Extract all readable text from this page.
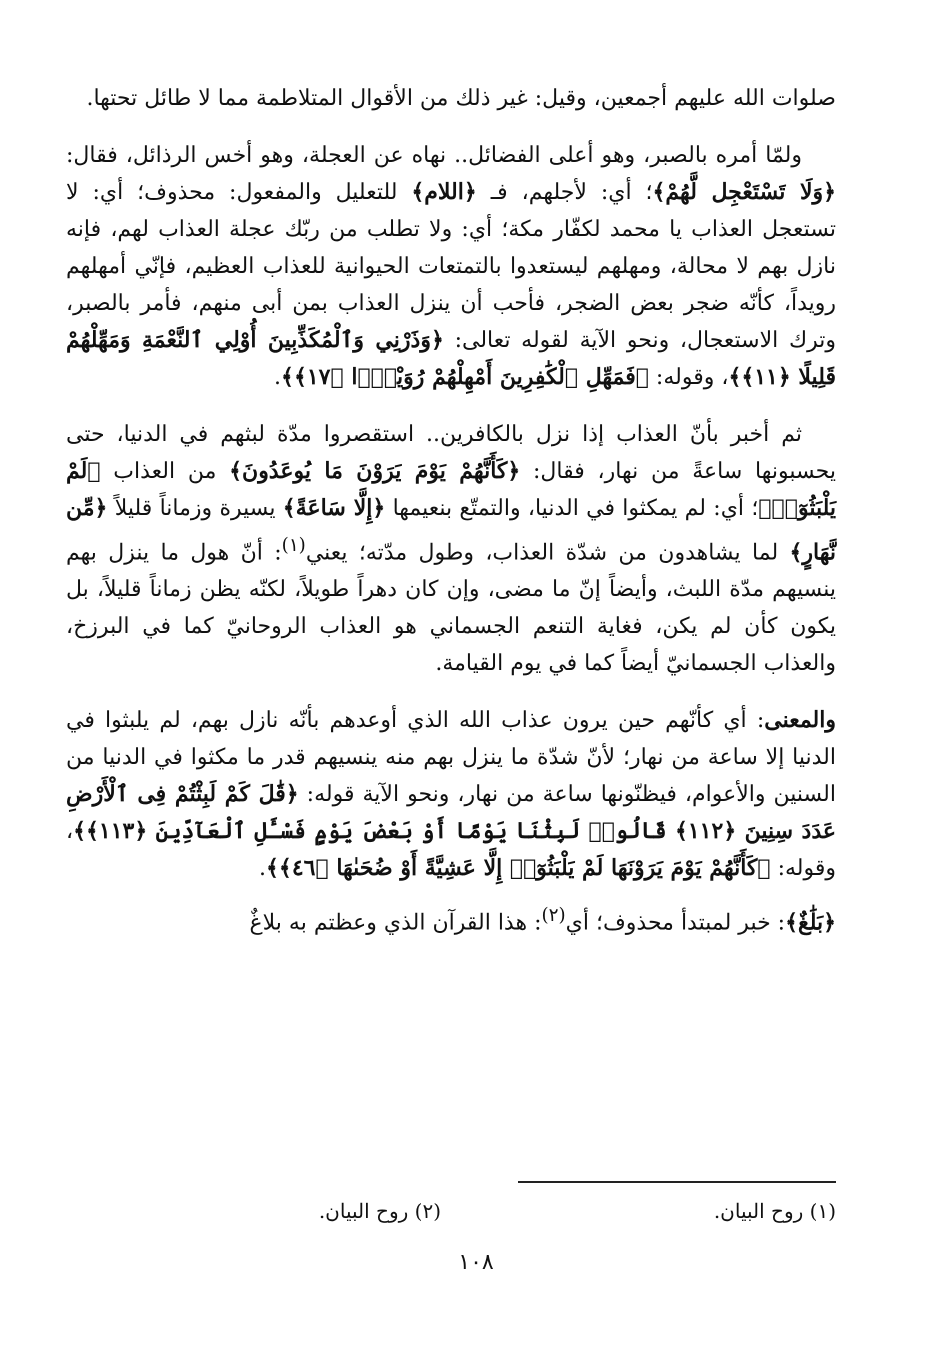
صلوات الله عليهم أجمعين، وقيل: غير ذلك من الأقوال المتلاطمة مما لا طائل تحتها.

ولمّا أمره بالصبر، وهو أعلى الفضائل.. نهاه عن العجلة، وهو أخس الرذائل، فقال: ﴿وَلَا تَسْتَعْجِل لَّهُمْ﴾؛ أي: لأجلهم، فـ ﴿اللام﴾ للتعليل والمفعول: محذوف؛ أي: لا تستعجل العذاب يا محمد لكفّار مكة؛ أي: ولا تطلب من ربّك عجلة العذاب لهم، فإنه نازل بهم لا محالة، ومهلهم ليستعدوا بالتمتعات الحيوانية للعذاب العظيم، فإنّي أمهلهم رويداً، كأنّه ضجر بعض الضجر، فأحب أن ينزل العذاب بمن أبى منهم، فأمر بالصبر، وترك الاستعجال، ونحو الآية لقوله تعالى: ﴿وَذَرْنِي وَٱلْمُكَذِّبِينَ أُوْلِي ٱلنَّعْمَةِ وَمَهِّلْهُمْ قَلِيلًا ﴿١١﴾﴾، وقوله: ﴿فَمَهِّلِ ٱلْكَٰفِرِينَ أَمْهِلْهُمْ رُوَيْدًۢا ﴿١٧﴾﴾.

ثم أخبر بأنّ العذاب إذا نزل بالكافرين.. استقصروا مدّة لبثهم في الدنيا، حتى يحسبونها ساعةً من نهار، فقال: ﴿كَأَنَّهُمْ يَوْمَ يَرَوْنَ مَا يُوعَدُونَ﴾ من العذاب ﴿لَمْ يَلْبَثُوٓا۟﴾؛ أي: لم يمكثوا في الدنيا، والتمتّع بنعيمها ﴿إِلَّا سَاعَةً﴾ يسيرة وزماناً قليلاً ﴿مِّن نَّهَارٍ﴾ لما يشاهدون من شدّة العذاب، وطول مدّته؛ يعني$^{(١)}$: أنّ هول ما ينزل بهم ينسيهم مدّة اللبث، وأيضاً إنّ ما مضى، وإن كان دهراً طويلاً، لكنّه يظن زماناً قليلاً، بل يكون كأن لم يكن، فغاية التنعم الجسماني هو العذاب الروحانيّ كما في البرزخ، والعذاب الجسمانيّ أيضاً كما في يوم القيامة.

والمعنى: أي كأنّهم حين يرون عذاب الله الذي أوعدهم بأنّه نازل بهم، لم يلبثوا في الدنيا إلا ساعة من نهار؛ لأنّ شدّة ما ينزل بهم منه ينسيهم قدر ما مكثوا في الدنيا من السنين والأعوام، فيظنّونها ساعة من نهار، ونحو الآية قوله: ﴿قَٰلَ كَمْ لَبِثْتُمْ فِى ٱلْأَرْضِ عَدَدَ سِنِينَ ﴿١١٢﴾ قَالُوا۟ لَبِثْنَا يَوْمًا أَوْ بَعْضَ يَوْمٍ فَسْـَٔلِ ٱلْعَآدِّينَ ﴿١١٣﴾﴾، وقوله: ﴿كَأَنَّهُمْ يَوْمَ يَرَوْنَهَا لَمْ يَلْبَثُوٓا۟ إِلَّا عَشِيَّةً أَوْ ضُحَىٰهَا ﴿٤٦﴾﴾.

﴿بَلَٰغٌ﴾: خبر لمبتدأ محذوف؛ أي$^{(٢)}$: هذا القرآن الذي وعظتم به بلاغٌ

(١) روح البيان.
(٢) روح البيان.
١٠٨
